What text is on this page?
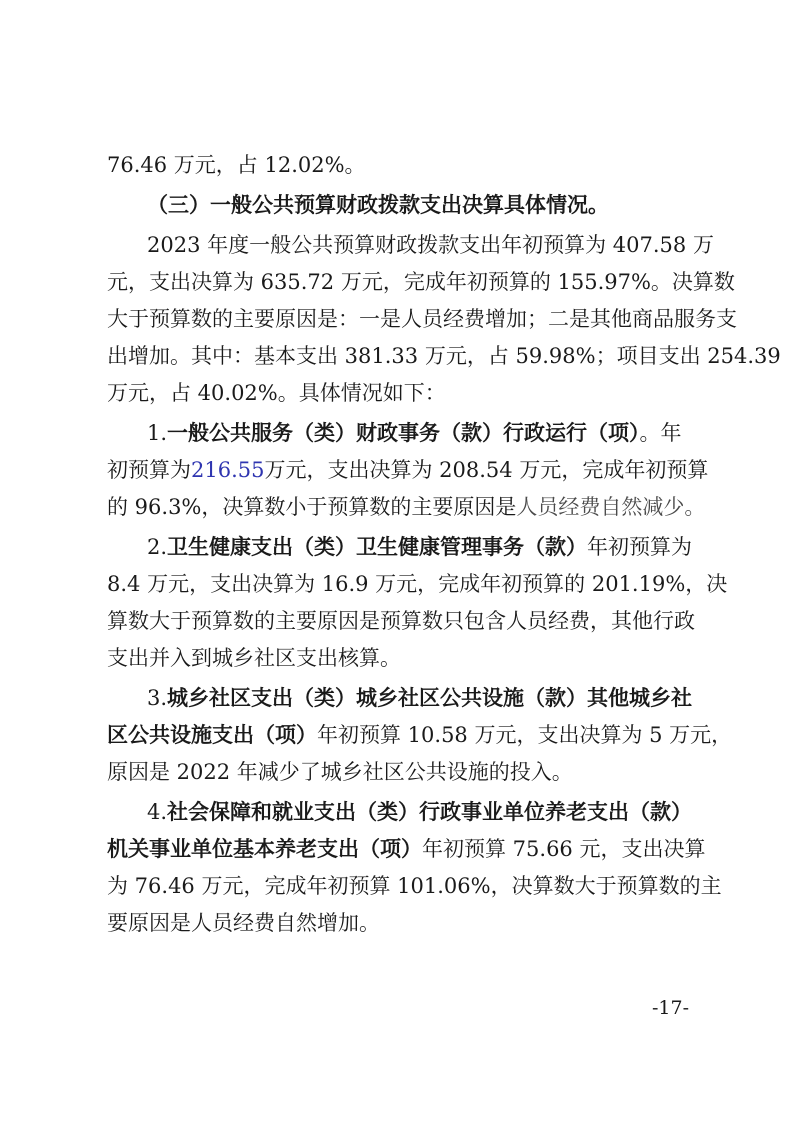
76.46 万元，占 12.02%。
（三）一般公共预算财政拨款支出决算具体情况。
2023 年度一般公共预算财政拨款支出年初预算为 407.58 万
元，支出决算为 635.72 万元，完成年初预算的 155.97%。决算数
大于预算数的主要原因是：一是人员经费增加；二是其他商品服务支
出增加。其中：基本支出 381.33 万元，占 59.98%；项目支出 254.39
万元，占 40.02%。具体情况如下：
1.一般公共服务（类）财政事务（款）行政运行（项）。年
初预算为216.55万元，支出决算为 208.54 万元，完成年初预算
的 96.3%，决算数小于预算数的主要原因是人员经费自然减少。
2.卫生健康支出（类）卫生健康管理事务（款）年初预算为
8.4 万元，支出决算为 16.9 万元，完成年初预算的 201.19%，决
算数大于预算数的主要原因是预算数只包含人员经费，其他行政
支出并入到城乡社区支出核算。
3.城乡社区支出（类）城乡社区公共设施（款）其他城乡社
区公共设施支出（项）年初预算 10.58 万元，支出决算为 5 万元，
原因是 2022 年减少了城乡社区公共设施的投入。
4.社会保障和就业支出（类）行政事业单位养老支出（款）
机关事业单位基本养老支出（项）年初预算 75.66 元，支出决算
为 76.46 万元，完成年初预算 101.06%，决算数大于预算数的主
要原因是人员经费自然增加。
-17-
